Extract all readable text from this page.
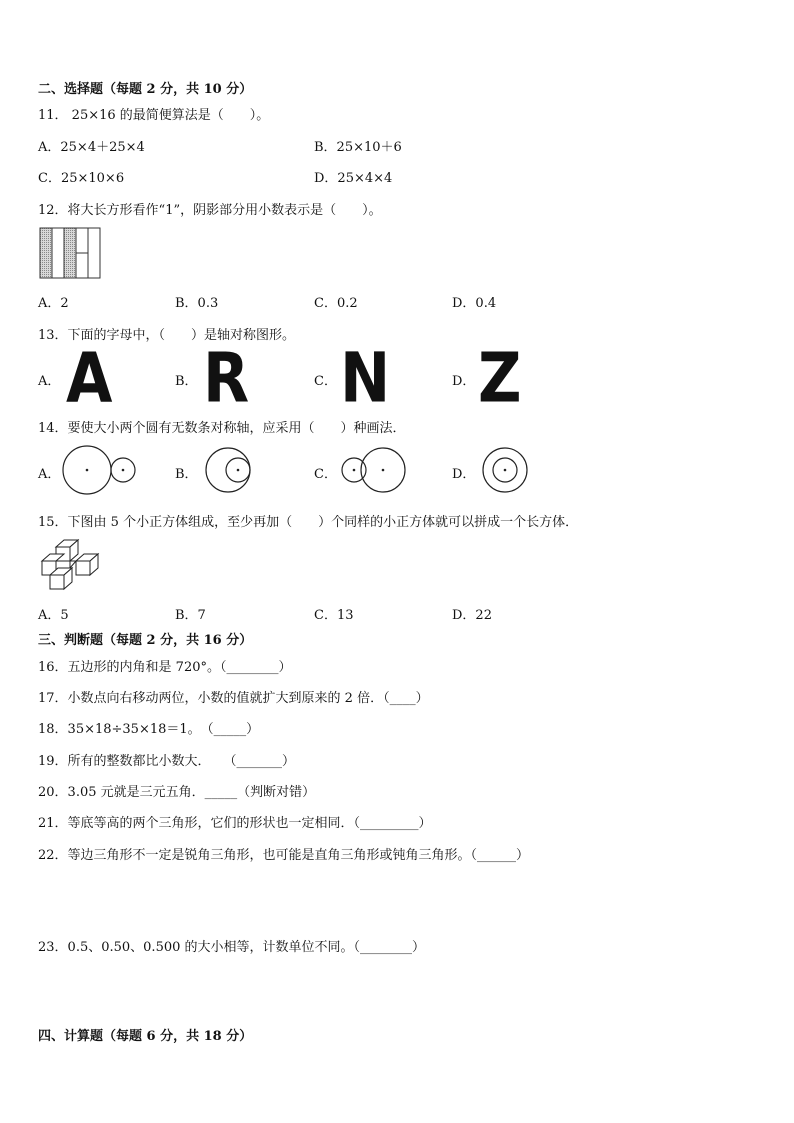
二、选择题（每题 2 分，共 10 分）
11． 25×16 的最简便算法是（　　）。
A．25×4＋25×4	B．25×10＋6
C．25×10×6	D．25×4×4
12．将大长方形看作“1”，阴影部分用小数表示是（　　）。
A．2	B．0.3	C．0.2	D．0.4
13．下面的字母中，（　　）是轴对称图形。
A． A	B． R	C． N	D． Z
14．要使大小两个圆有无数条对称轴，应采用（　　）种画法．
A．	B．	C．	D．
15．下图由 5 个小正方体组成，至少再加（　　）个同样的小正方体就可以拼成一个长方体．
A．5	B．7	C．13	D．22
三、判断题（每题 2 分，共 16 分）
16．五边形的内角和是 720°。（________）
17．小数点向右移动两位，小数的值就扩大到原来的 2 倍．（____）
18．35×18÷35×18＝1。　（_____）
19．所有的整数都比小数大．　　（_______）
20．3.05 元就是三元五角．_____（判断对错）
21．等底等高的两个三角形，它们的形状也一定相同．（_________）
22．等边三角形不一定是锐角三角形，也可能是直角三角形或钝角三角形。（______）
23．0.5、0.50、0.500 的大小相等，计数单位不同。（________）
四、计算题（每题 6 分，共 18 分）
